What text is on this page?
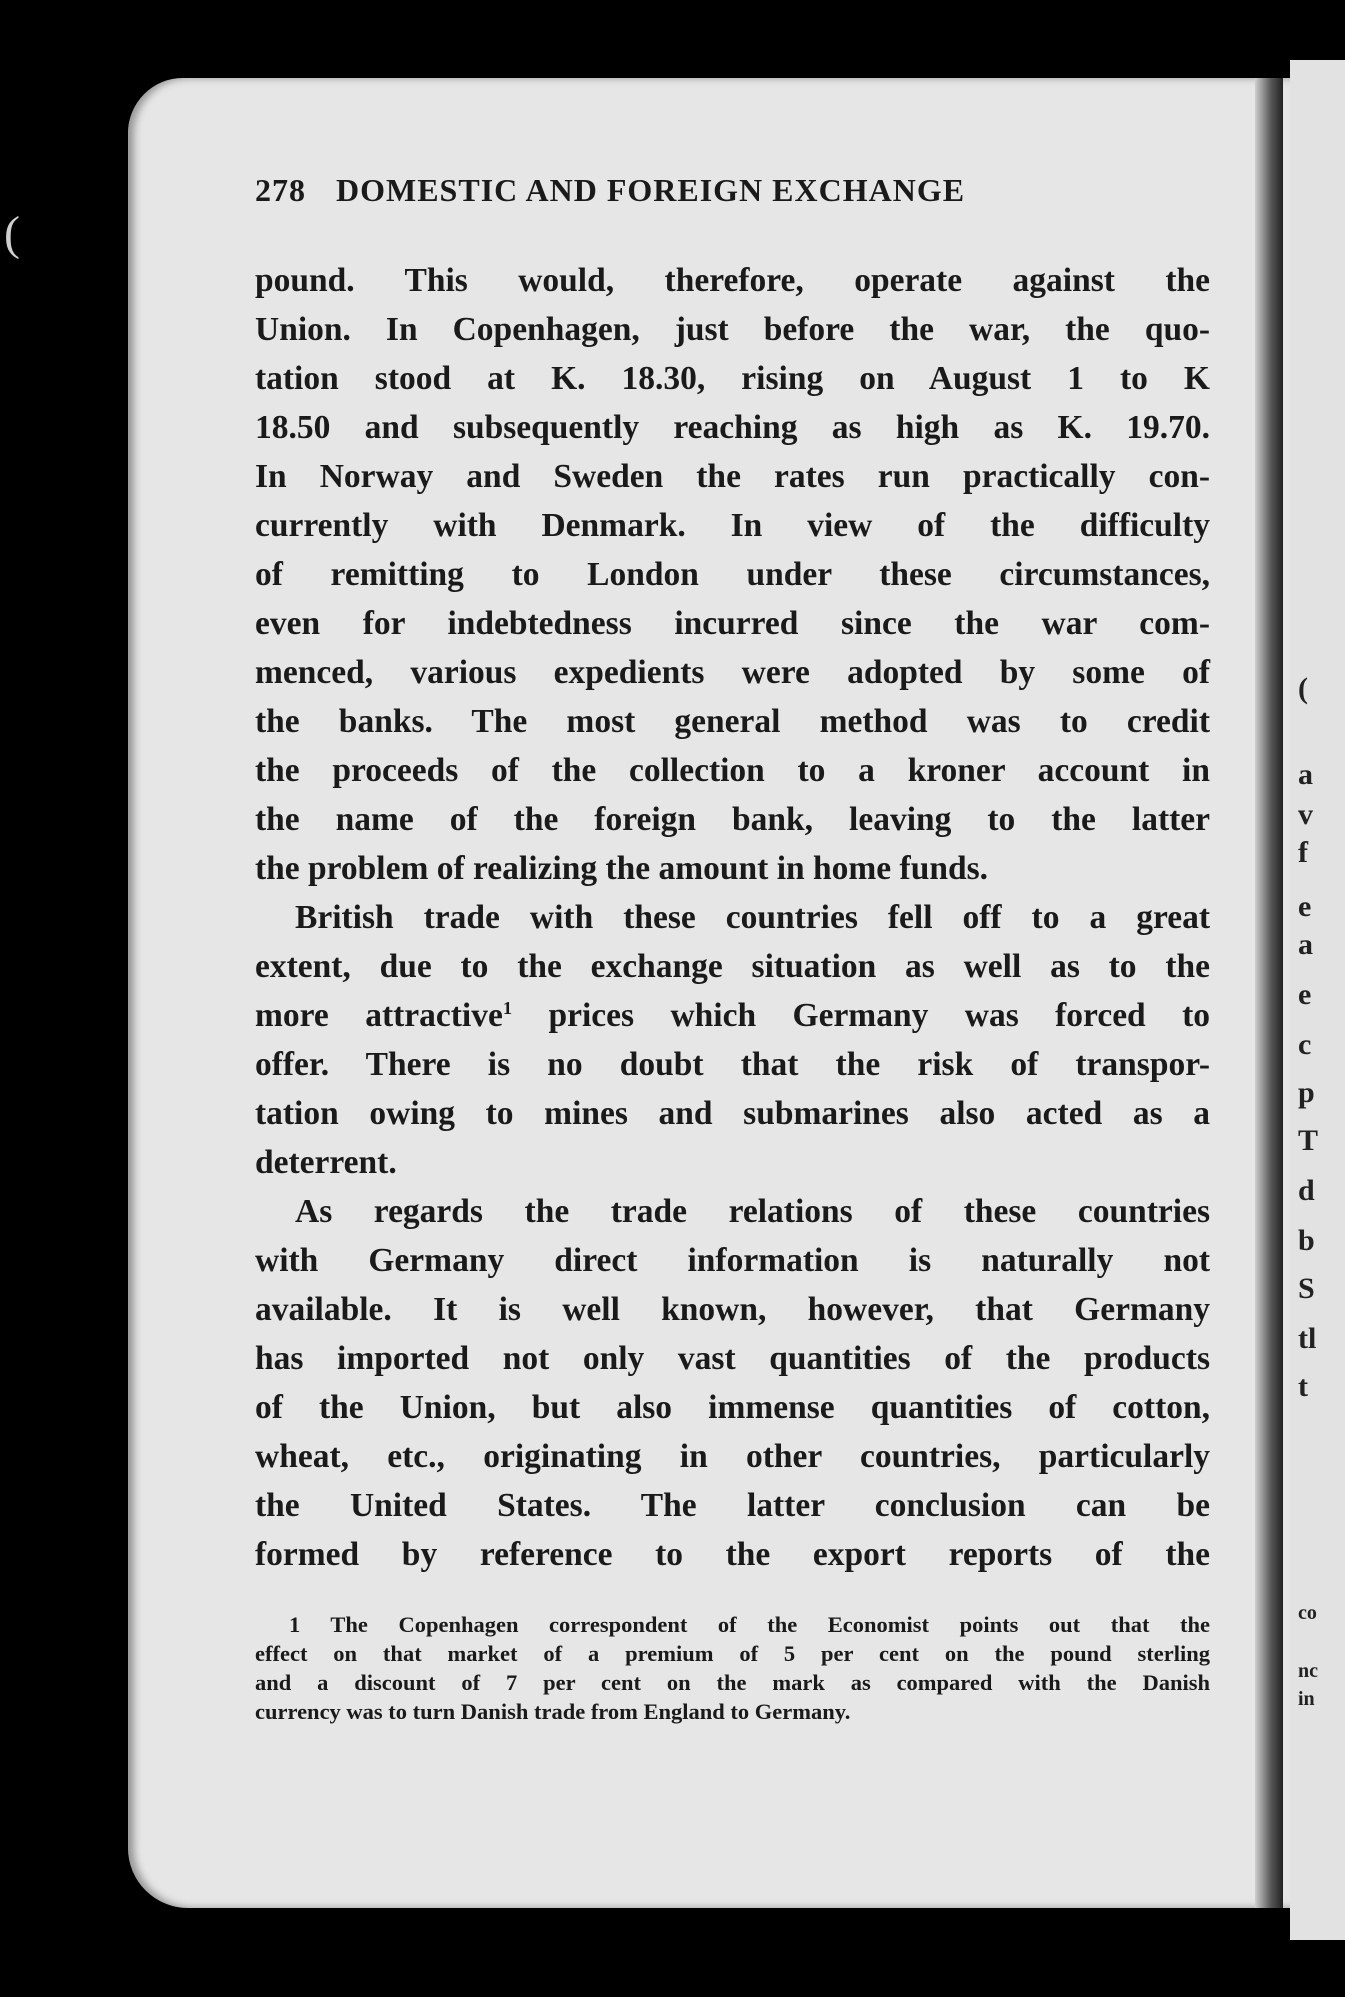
(
(
a
v
f
e
a
e
c
p
T
d
b
S
tl
t
co
nc
in
278 DOMESTIC AND FOREIGN EXCHANGE
pound. This would, therefore, operate against the
Union. In Copenhagen, just before the war, the quo-
tation stood at K. 18.30, rising on August 1 to K
18.50 and subsequently reaching as high as K. 19.70.
In Norway and Sweden the rates run practically con-
currently with Denmark. In view of the difficulty
of remitting to London under these circumstances,
even for indebtedness incurred since the war com-
menced, various expedients were adopted by some of
the banks. The most general method was to credit
the proceeds of the collection to a kroner account in
the name of the foreign bank, leaving to the latter
the problem of realizing the amount in home funds.
British trade with these countries fell off to a great
extent, due to the exchange situation as well as to the
more attractive$^1$ prices which Germany was forced to
offer. There is no doubt that the risk of transpor-
tation owing to mines and submarines also acted as a
deterrent.
As regards the trade relations of these countries
with Germany direct information is naturally not
available. It is well known, however, that Germany
has imported not only vast quantities of the products
of the Union, but also immense quantities of cotton,
wheat, etc., originating in other countries, particularly
the United States. The latter conclusion can be
formed by reference to the export reports of the
1 The Copenhagen correspondent of the Economist points out that the
effect on that market of a premium of 5 per cent on the pound sterling
and a discount of 7 per cent on the mark as compared with the Danish
currency was to turn Danish trade from England to Germany.
